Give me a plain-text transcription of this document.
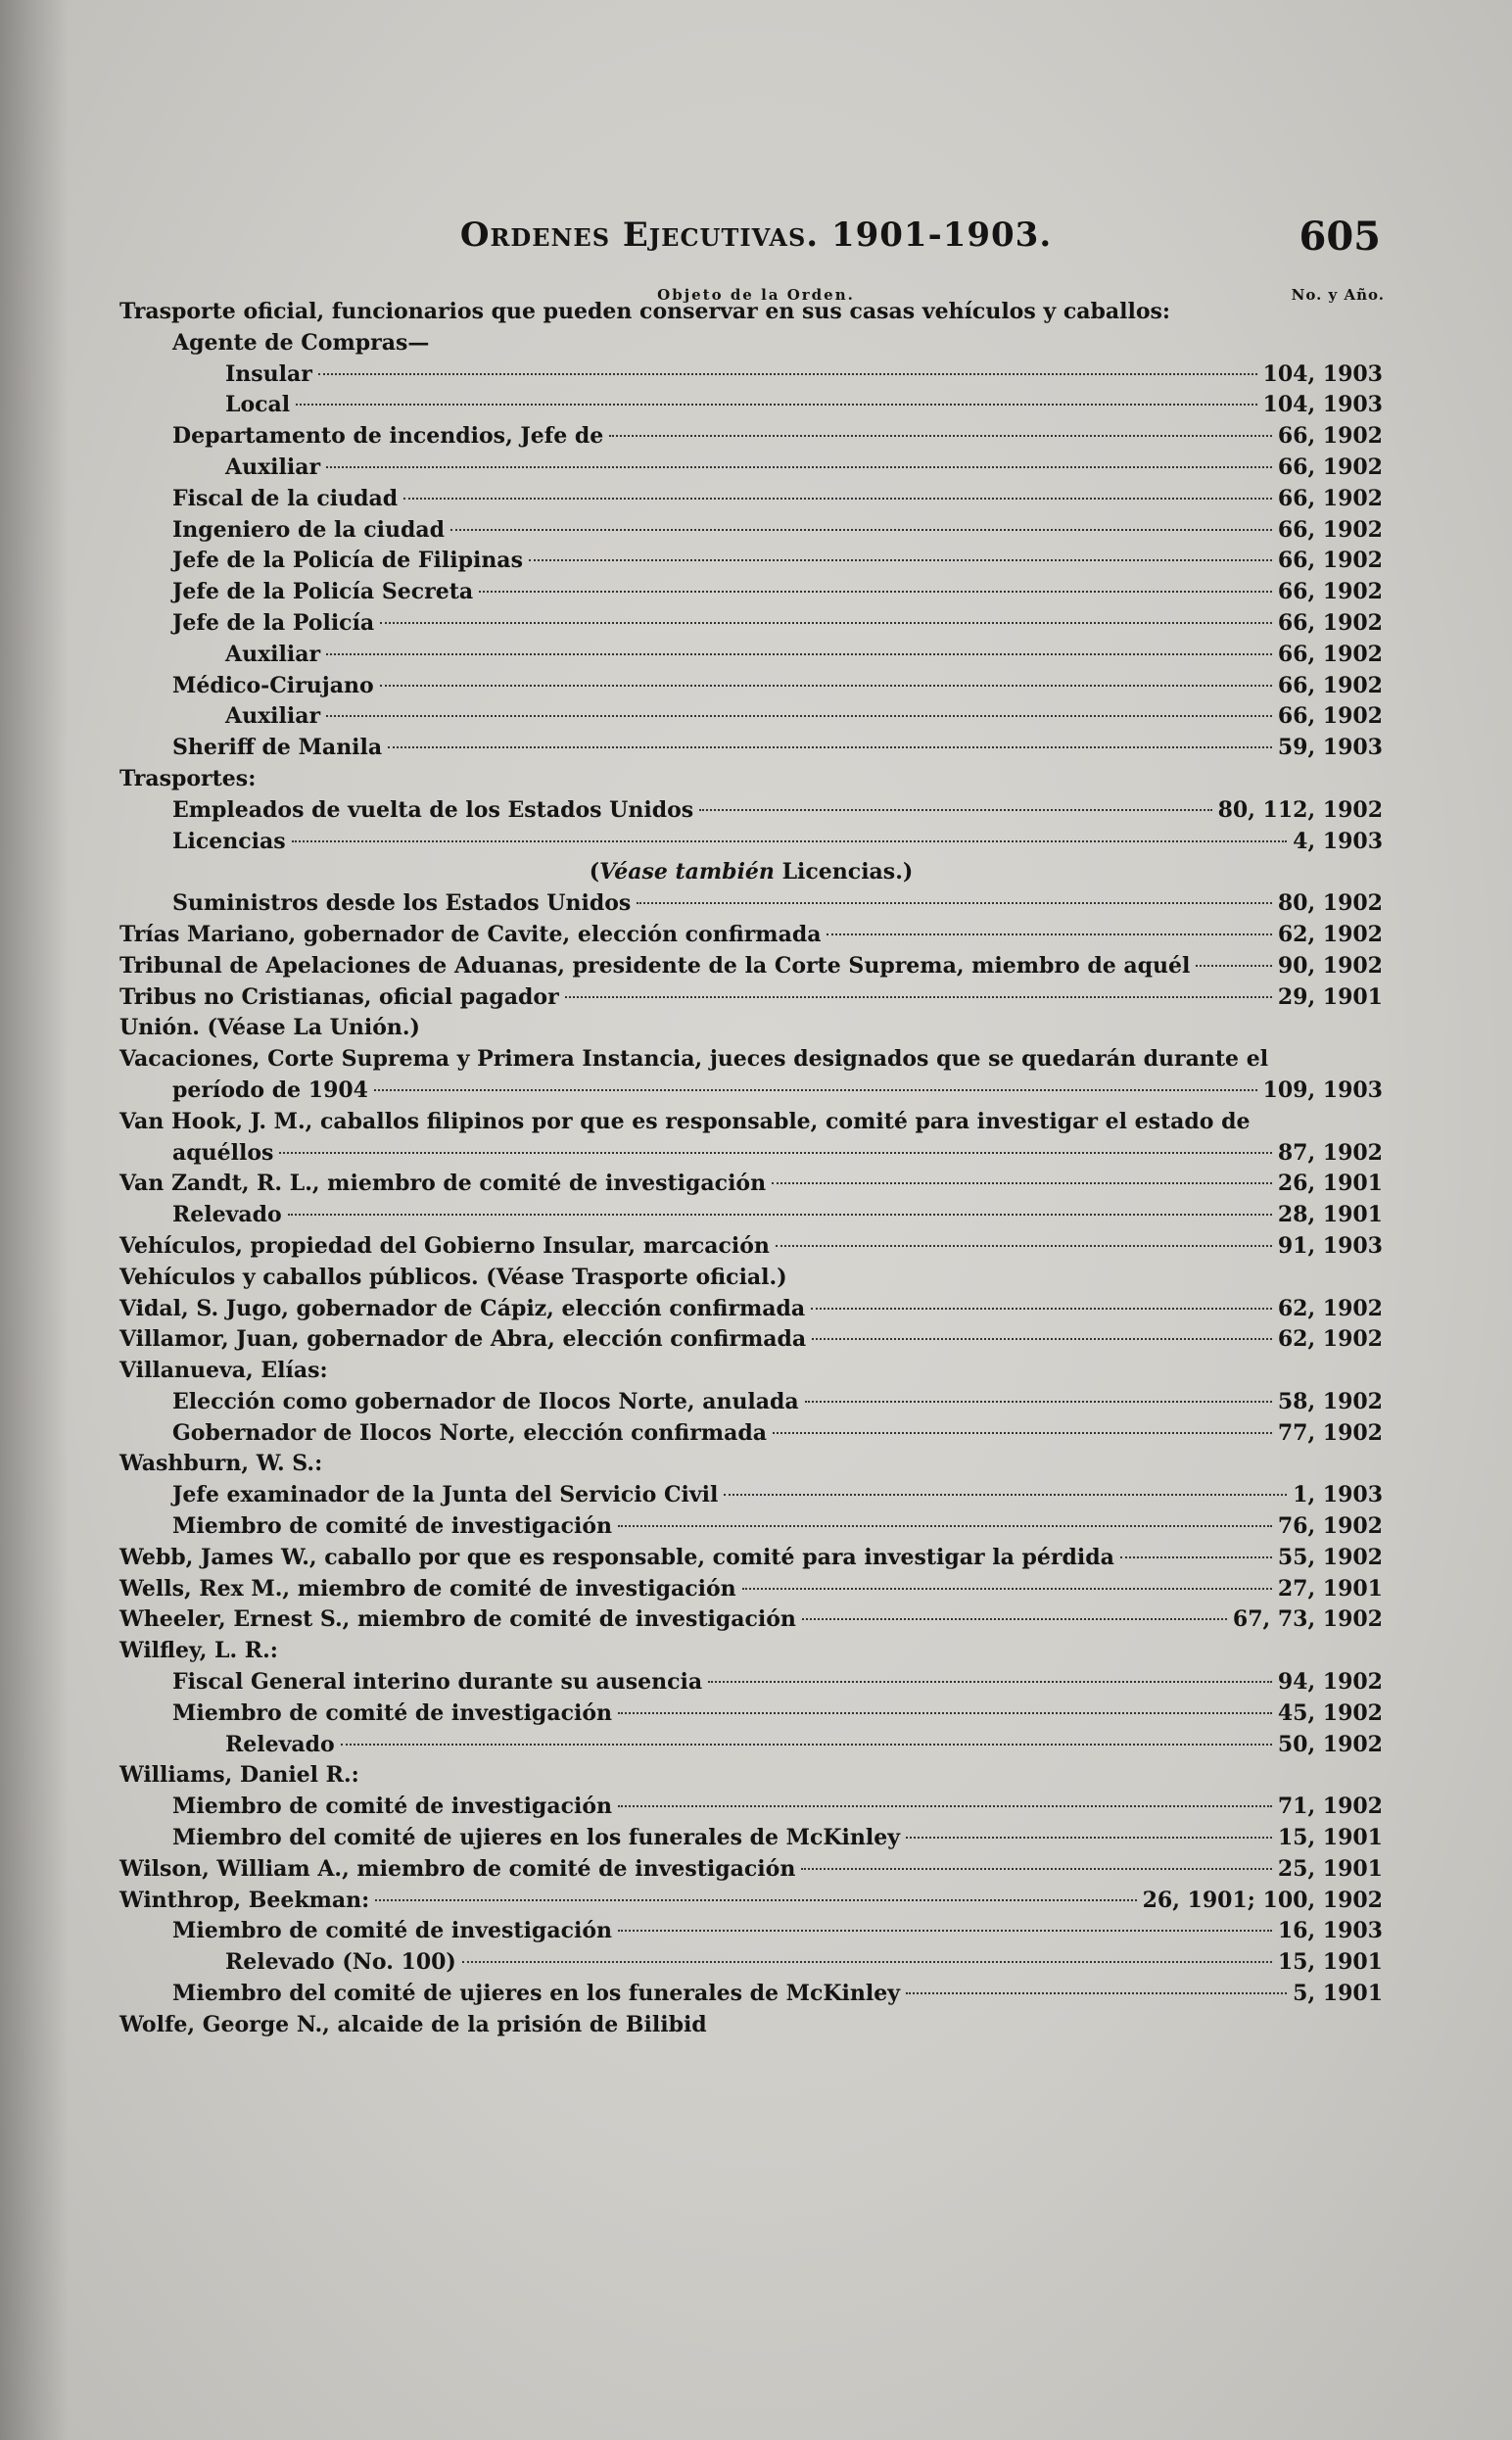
Ordenes Ejecutivas. 1901-1903.	605
Objeto de la Orden.	No. y Año.
Trasporte oficial, funcionarios que pueden conservar en sus casas vehículos y caballos:
Agente de Compras—
Insular	104, 1903
Local	104, 1903
Departamento de incendios, Jefe de	66, 1902
Auxiliar	66, 1902
Fiscal de la ciudad	66, 1902
Ingeniero de la ciudad	66, 1902
Jefe de la Policía de Filipinas	66, 1902
Jefe de la Policía Secreta	66, 1902
Jefe de la Policía	66, 1902
Auxiliar	66, 1902
Médico-Cirujano	66, 1902
Auxiliar	66, 1902
Sheriff de Manila	59, 1903
Trasportes:
Empleados de vuelta de los Estados Unidos	80, 112, 1902
Licencias	4, 1903
(Véase también Licencias.)
Suministros desde los Estados Unidos	80, 1902
Trías Mariano, gobernador de Cavite, elección confirmada	62, 1902
Tribunal de Apelaciones de Aduanas, presidente de la Corte Suprema, miembro de aquél	90, 1902
Tribus no Cristianas, oficial pagador	29, 1901
Unión. (Véase La Unión.)
Vacaciones, Corte Suprema y Primera Instancia, jueces designados que se quedarán durante el
período de 1904	109, 1903
Van Hook, J. M., caballos filipinos por que es responsable, comité para investigar el estado de
aquéllos	87, 1902
Van Zandt, R. L., miembro de comité de investigación	26, 1901
Relevado	28, 1901
Vehículos, propiedad del Gobierno Insular, marcación	91, 1903
Vehículos y caballos públicos. (Véase Trasporte oficial.)
Vidal, S. Jugo, gobernador de Cápiz, elección confirmada	62, 1902
Villamor, Juan, gobernador de Abra, elección confirmada	62, 1902
Villanueva, Elías:
Elección como gobernador de Ilocos Norte, anulada	58, 1902
Gobernador de Ilocos Norte, elección confirmada	77, 1902
Washburn, W. S.:
Jefe examinador de la Junta del Servicio Civil	1, 1903
Miembro de comité de investigación	76, 1902
Webb, James W., caballo por que es responsable, comité para investigar la pérdida	55, 1902
Wells, Rex M., miembro de comité de investigación	27, 1901
Wheeler, Ernest S., miembro de comité de investigación	67, 73, 1902
Wilfley, L. R.:
Fiscal General interino durante su ausencia	94, 1902
Miembro de comité de investigación	45, 1902
Relevado	50, 1902
Williams, Daniel R.:
Miembro de comité de investigación	71, 1902
Miembro del comité de ujieres en los funerales de McKinley	15, 1901
Wilson, William A., miembro de comité de investigación	25, 1901
Winthrop, Beekman:	26, 1901; 100, 1902
Miembro de comité de investigación	16, 1903
Relevado (No. 100)	15, 1901
Miembro del comité de ujieres en los funerales de McKinley	5, 1901
Wolfe, George N., alcaide de la prisión de Bilibid
